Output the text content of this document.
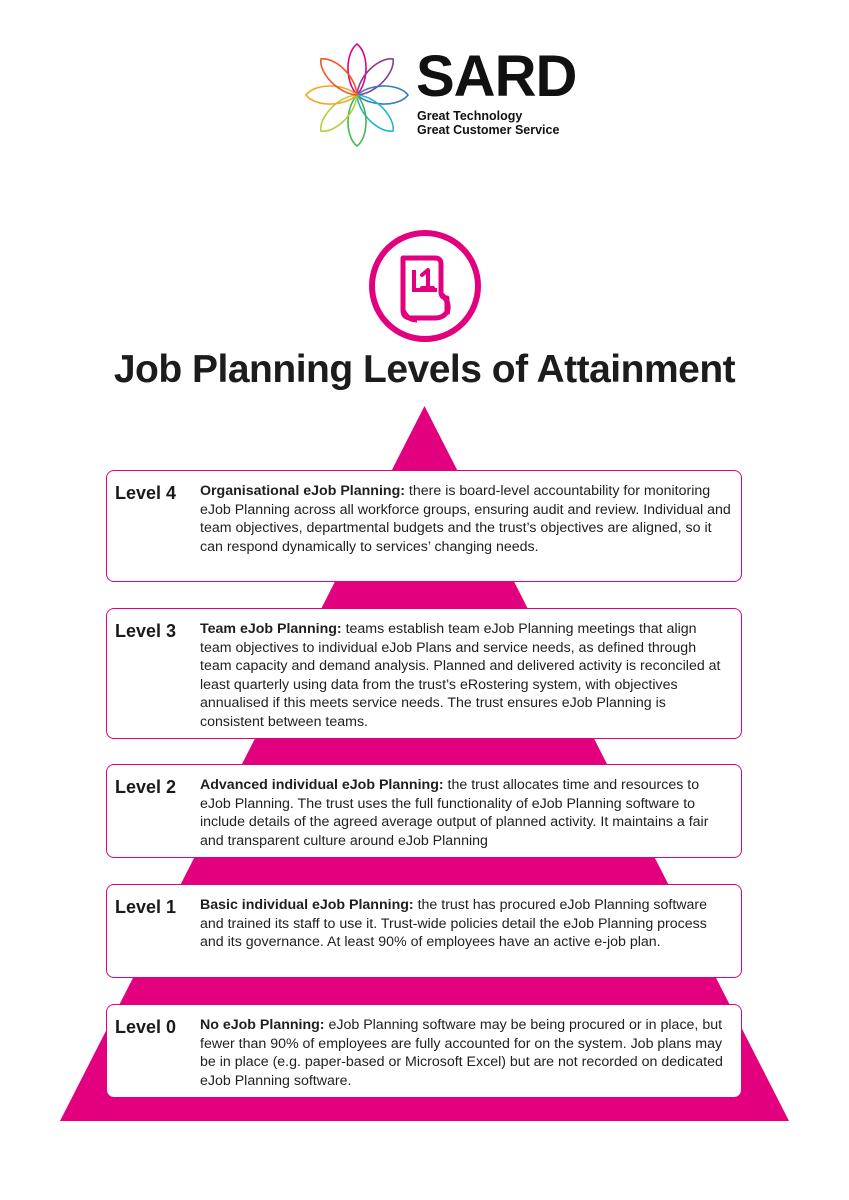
SARD
Great Technology
Great Customer Service
Job Planning Levels of Attainment
Level 4 Organisational eJob Planning: there is board-level accountability for monitoring eJob Planning across all workforce groups, ensuring audit and review. Individual and team objectives, departmental budgets and the trust’s objectives are aligned, so it can respond dynamically to services’ changing needs.
Level 3 Team eJob Planning: teams establish team eJob Planning meetings that align team objectives to individual eJob Plans and service needs, as defined through team capacity and demand analysis. Planned and delivered activity is reconciled at least quarterly using data from the trust’s eRostering system, with objectives annualised if this meets service needs. The trust ensures eJob Planning is consistent between teams.
Level 2 Advanced individual eJob Planning: the trust allocates time and resources to eJob Planning. The trust uses the full functionality of eJob Planning software to include details of the agreed average output of planned activity. It maintains a fair and transparent culture around eJob Planning
Level 1 Basic individual eJob Planning: the trust has procured eJob Planning software and trained its staff to use it. Trust-wide policies detail the eJob Planning process and its governance. At least 90% of employees have an active e-job plan.
Level 0 No eJob Planning: eJob Planning software may be being procured or in place, but fewer than 90% of employees are fully accounted for on the system. Job plans may be in place (e.g. paper-based or Microsoft Excel) but are not recorded on dedicated eJob Planning software.
